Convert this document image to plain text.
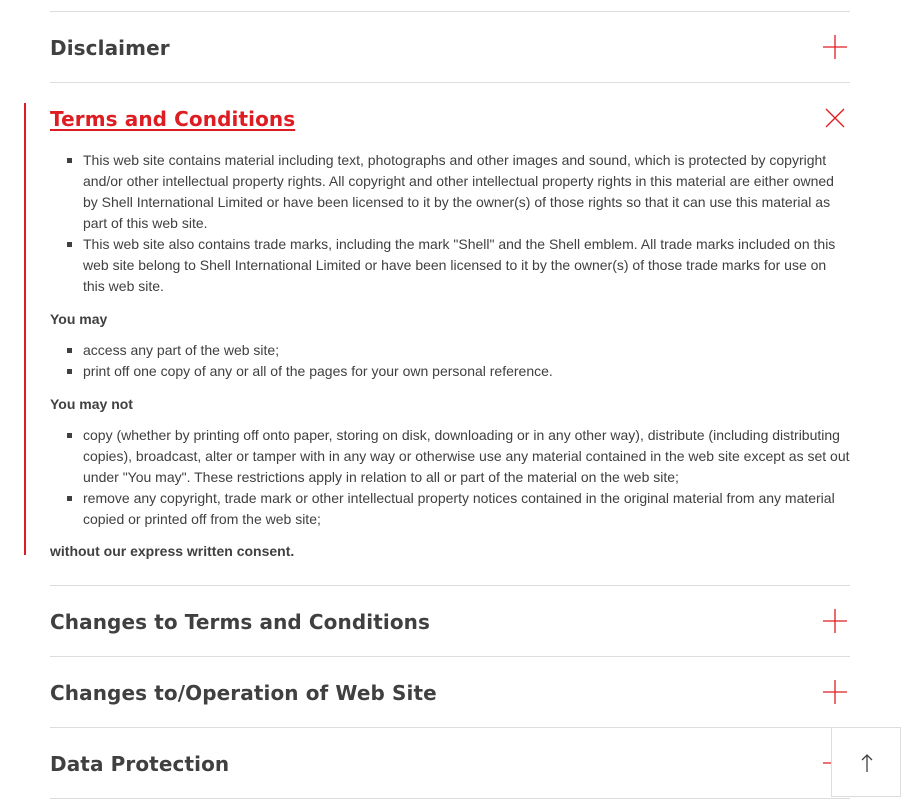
Disclaimer
Terms and Conditions
This web site contains material including text, photographs and other images and sound, which is protected by copyright and/or other intellectual property rights. All copyright and other intellectual property rights in this material are either owned by Shell International Limited or have been licensed to it by the owner(s) of those rights so that it can use this material as part of this web site.
This web site also contains trade marks, including the mark "Shell" and the Shell emblem. All trade marks included on this web site belong to Shell International Limited or have been licensed to it by the owner(s) of those trade marks for use on this web site.
You may
access any part of the web site;
print off one copy of any or all of the pages for your own personal reference.
You may not
copy (whether by printing off onto paper, storing on disk, downloading or in any other way), distribute (including distributing copies), broadcast, alter or tamper with in any way or otherwise use any material contained in the web site except as set out under "You may". These restrictions apply in relation to all or part of the material on the web site;
remove any copyright, trade mark or other intellectual property notices contained in the original material from any material copied or printed off from the web site;
without our express written consent.
Changes to Terms and Conditions
Changes to/Operation of Web Site
Data Protection
